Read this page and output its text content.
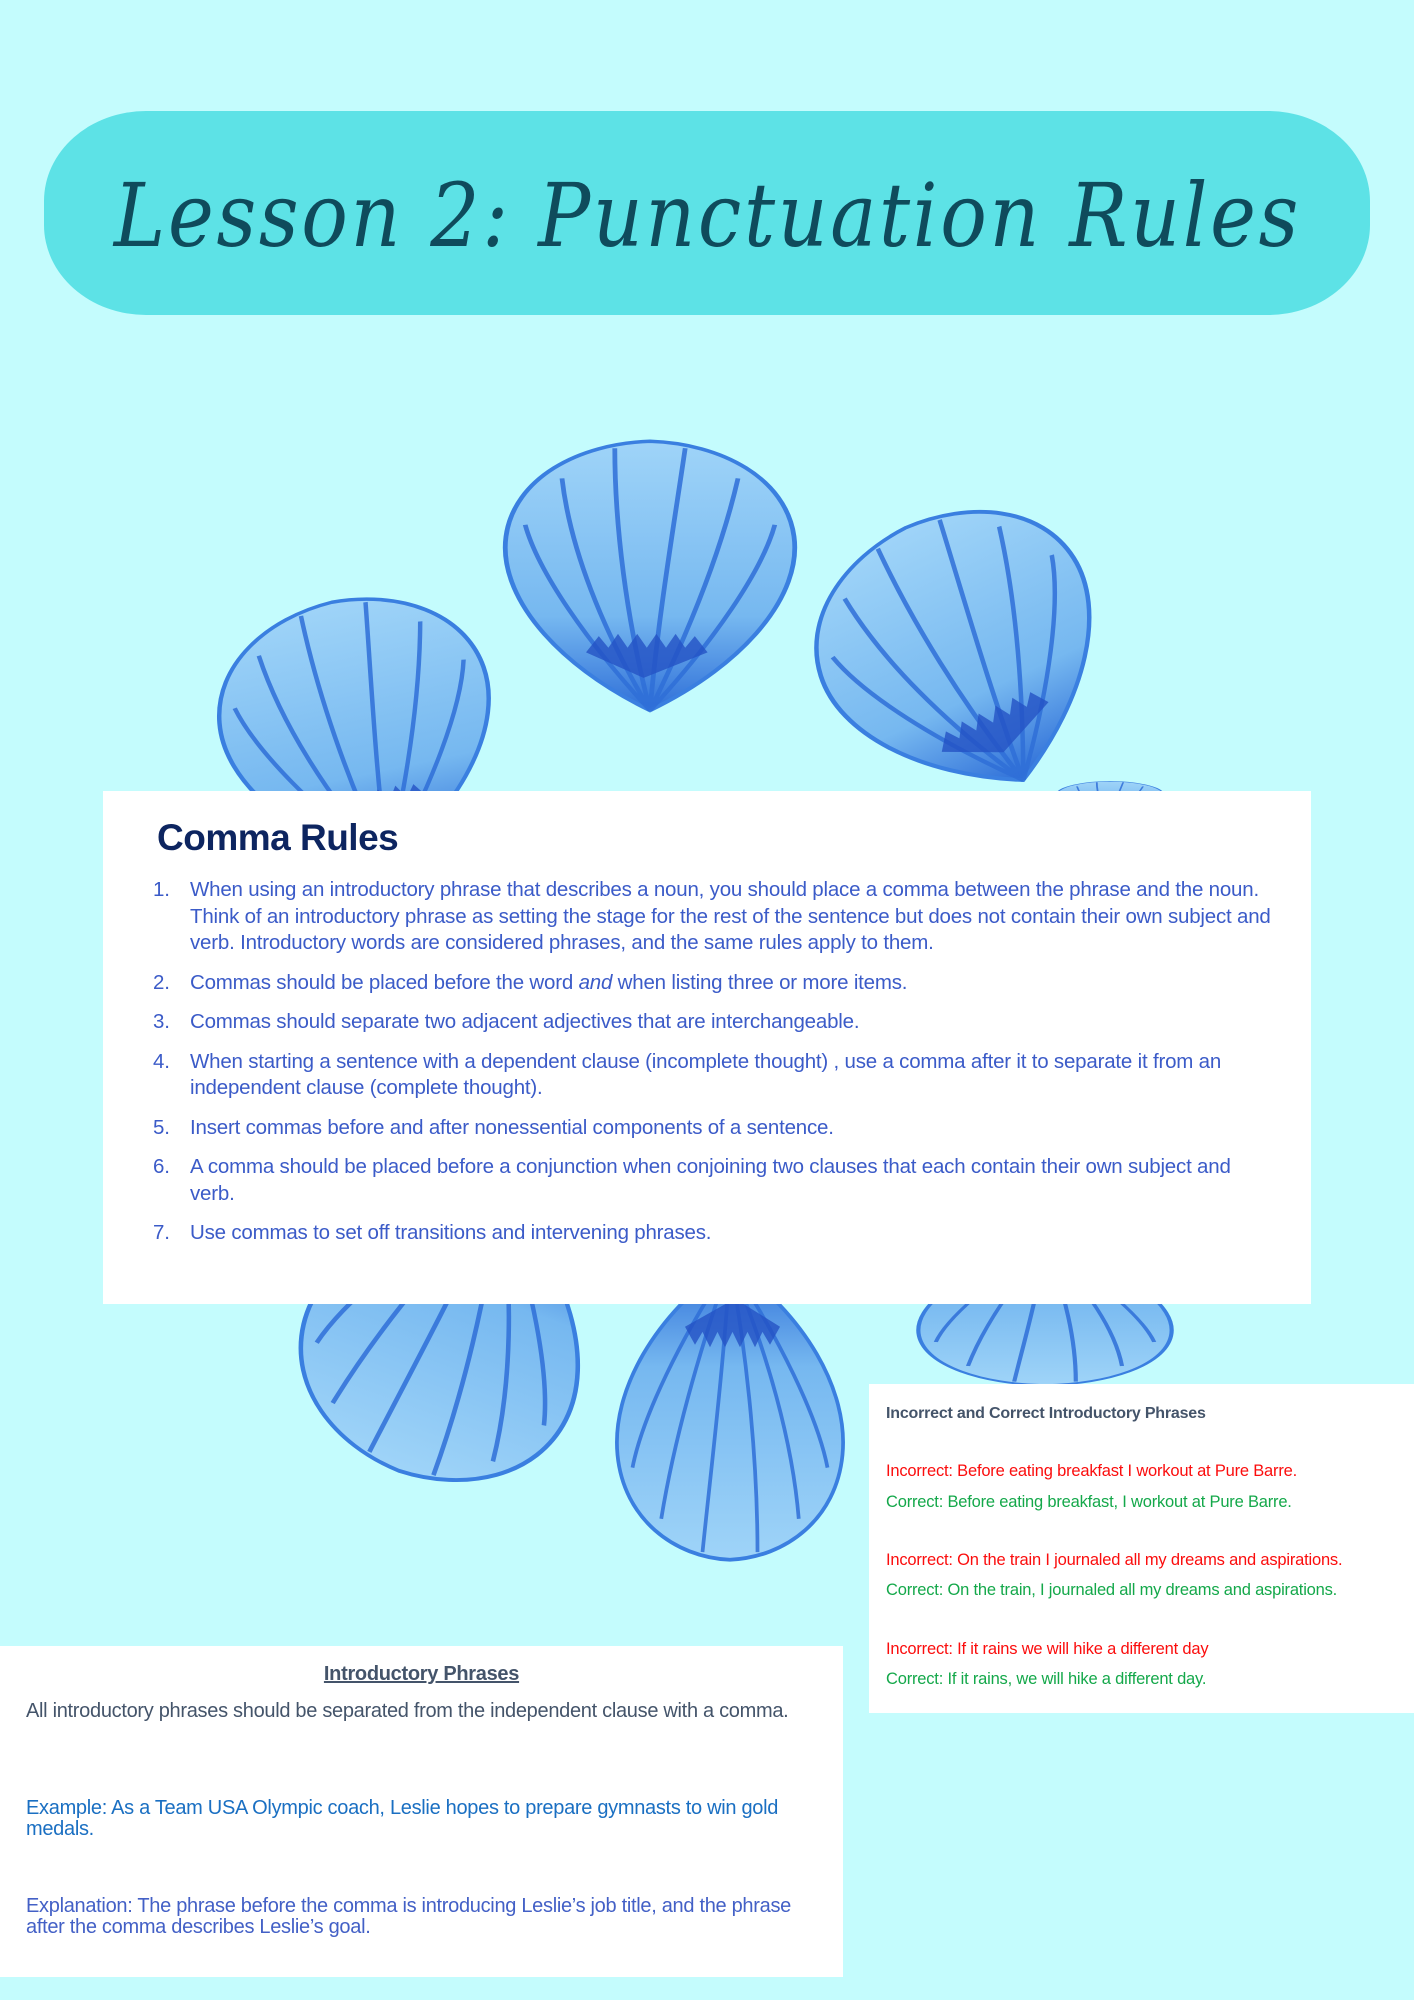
Lesson 2: Punctuation Rules
Comma Rules
1. When using an introductory phrase that describes a noun, you should place a comma between the phrase and the noun. Think of an introductory phrase as setting the stage for the rest of the sentence but does not contain their own subject and verb. Introductory words are considered phrases, and the same rules apply to them.
2. Commas should be placed before the word and when listing three or more items.
3. Commas should separate two adjacent adjectives that are interchangeable.
4. When starting a sentence with a dependent clause (incomplete thought) , use a comma after it to separate it from an independent clause (complete thought).
5. Insert commas before and after nonessential components of a sentence.
6. A comma should be placed before a conjunction when conjoining two clauses that each contain their own subject and verb.
7. Use commas to set off transitions and intervening phrases.
Incorrect and Correct Introductory Phrases
Incorrect: Before eating breakfast I workout at Pure Barre.
Correct: Before eating breakfast, I workout at Pure Barre.
Incorrect: On the train I journaled all my dreams and aspirations.
Correct: On the train, I journaled all my dreams and aspirations.
Incorrect: If it rains we will hike a different day
Correct: If it rains, we will hike a different day.
Introductory Phrases
All introductory phrases should be separated from the independent clause with a comma.
Example: As a Team USA Olympic coach, Leslie hopes to prepare gymnasts to win gold medals.
Explanation: The phrase before the comma is introducing Leslie’s job title, and the phrase after the comma describes Leslie’s goal.
